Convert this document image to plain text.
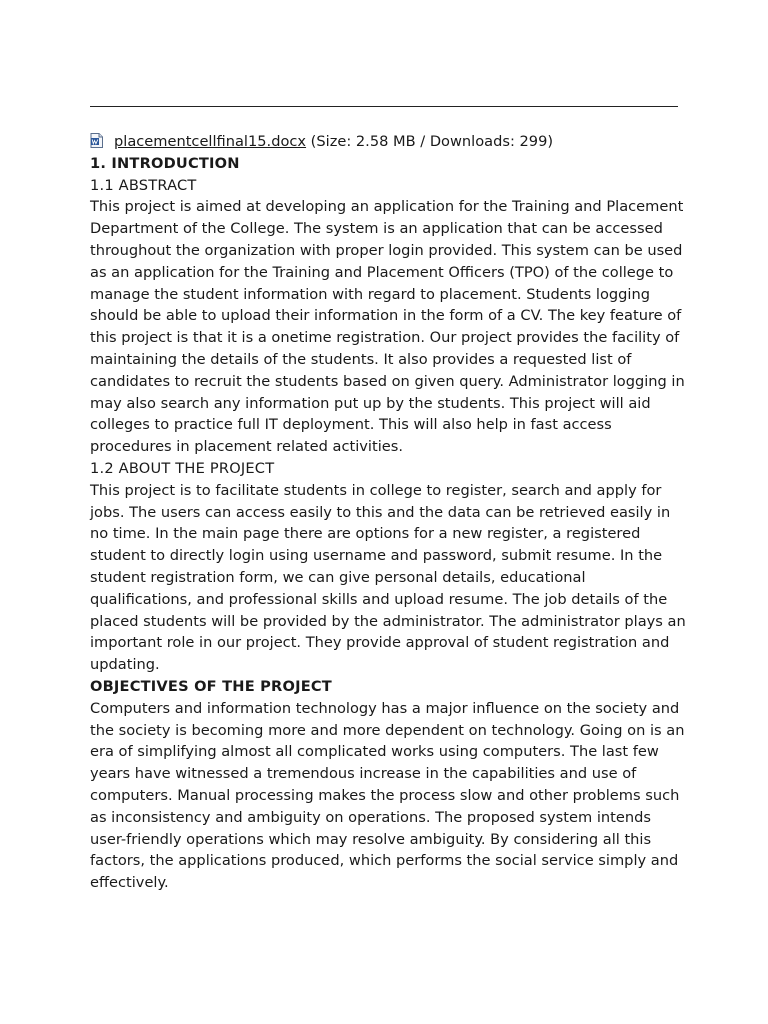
placementcellfinal15.docx (Size: 2.58 MB / Downloads: 299)
1. INTRODUCTION
1.1 ABSTRACT

This project is aimed at developing an application for the Training and Placement Department of the College. The system is an application that can be accessed throughout the organization with proper login provided. This system can be used as an application for the Training and Placement Officers (TPO) of the college to manage the student information with regard to placement. Students logging should be able to upload their information in the form of a CV. The key feature of this project is that it is a onetime registration. Our project provides the facility of maintaining the details of the students. It also provides a requested list of candidates to recruit the students based on given query. Administrator logging in may also search any information put up by the students. This project will aid colleges to practice full IT deployment. This will also help in fast access procedures in placement related activities.

1.2 ABOUT THE PROJECT

This project is to facilitate students in college to register, search and apply for jobs. The users can access easily to this and the data can be retrieved easily in no time. In the main page there are options for a new register, a registered student to directly login using username and password, submit resume. In the student registration form, we can give personal details, educational qualifications, and professional skills and upload resume. The job details of the placed students will be provided by the administrator. The administrator plays an important role in our project. They provide approval of student registration and updating.

OBJECTIVES OF THE PROJECT

Computers and information technology has a major influence on the society and the society is becoming more and more dependent on technology. Going on is an era of simplifying almost all complicated works using computers. The last few years have witnessed a tremendous increase in the capabilities and use of computers. Manual processing makes the process slow and other problems such as inconsistency and ambiguity on operations. The proposed system intends user-friendly operations which may resolve ambiguity. By considering all this factors, the applications produced, which performs the social service simply and effectively.
